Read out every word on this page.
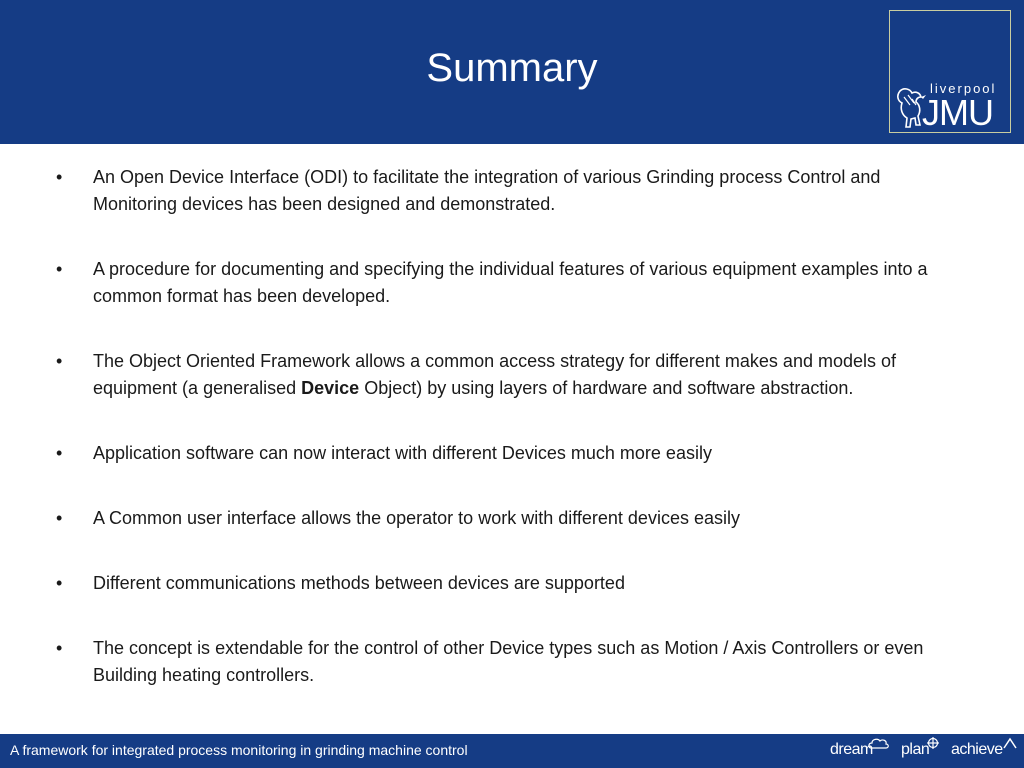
Summary	liverpool
JMU
•	An Open Device Interface (ODI) to facilitate the integration of various Grinding process Control and Monitoring devices has been designed and demonstrated.
•	A procedure for documenting and specifying the individual features of various equipment examples into a common format has been developed.
•	The Object Oriented Framework allows a common access strategy for different makes and models of equipment (a generalised Device Object) by using layers of hardware and software abstraction.
•	Application software can now interact with different Devices much more easily
•	A Common user interface allows the operator to work with different devices easily
•	Different communications methods between devices are supported
•	The concept is extendable for the control of other Device types such as Motion / Axis Controllers or even Building heating controllers.
A framework for integrated process monitoring in grinding machine control	dream plan achieve
